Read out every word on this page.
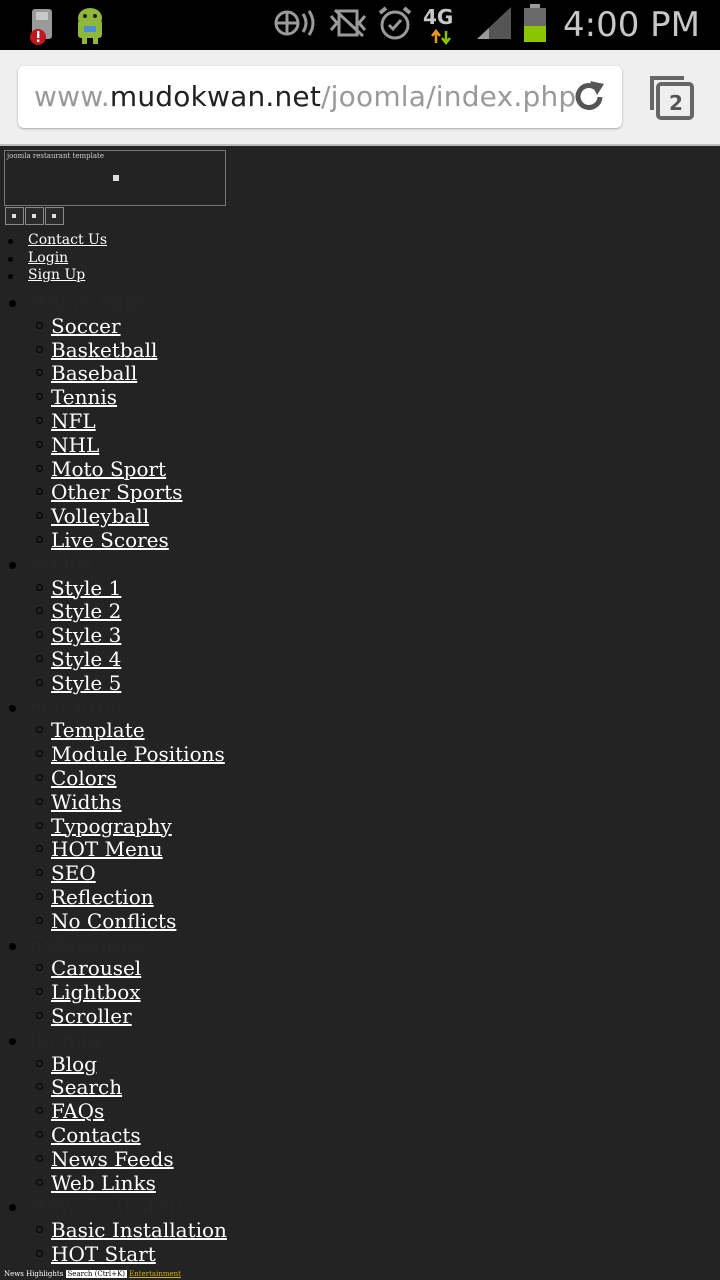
4G	4:00 PM
www.mudokwan.net/joomla/index.php	2
joomla restaurant template
Contact Us
Login
Sign Up
Home Page
Soccer
Basketball
Baseball
Tennis
NFL
NHL
Moto Sport
Other Sports
Volleyball
Live Scores
Styles
Style 1
Style 2
Style 3
Style 4
Style 5
Features
Template
Module Positions
Colors
Widths
Typography
HOT Menu
SEO
Reflection
No Conflicts
Extensions
Carousel
Lightbox
Scroller
Joomla
Blog
Search
FAQs
Contacts
News Feeds
Web Links
How To Install
Basic Installation
HOT Start
News Highlights Search (Ctrl+K) Entertainment
